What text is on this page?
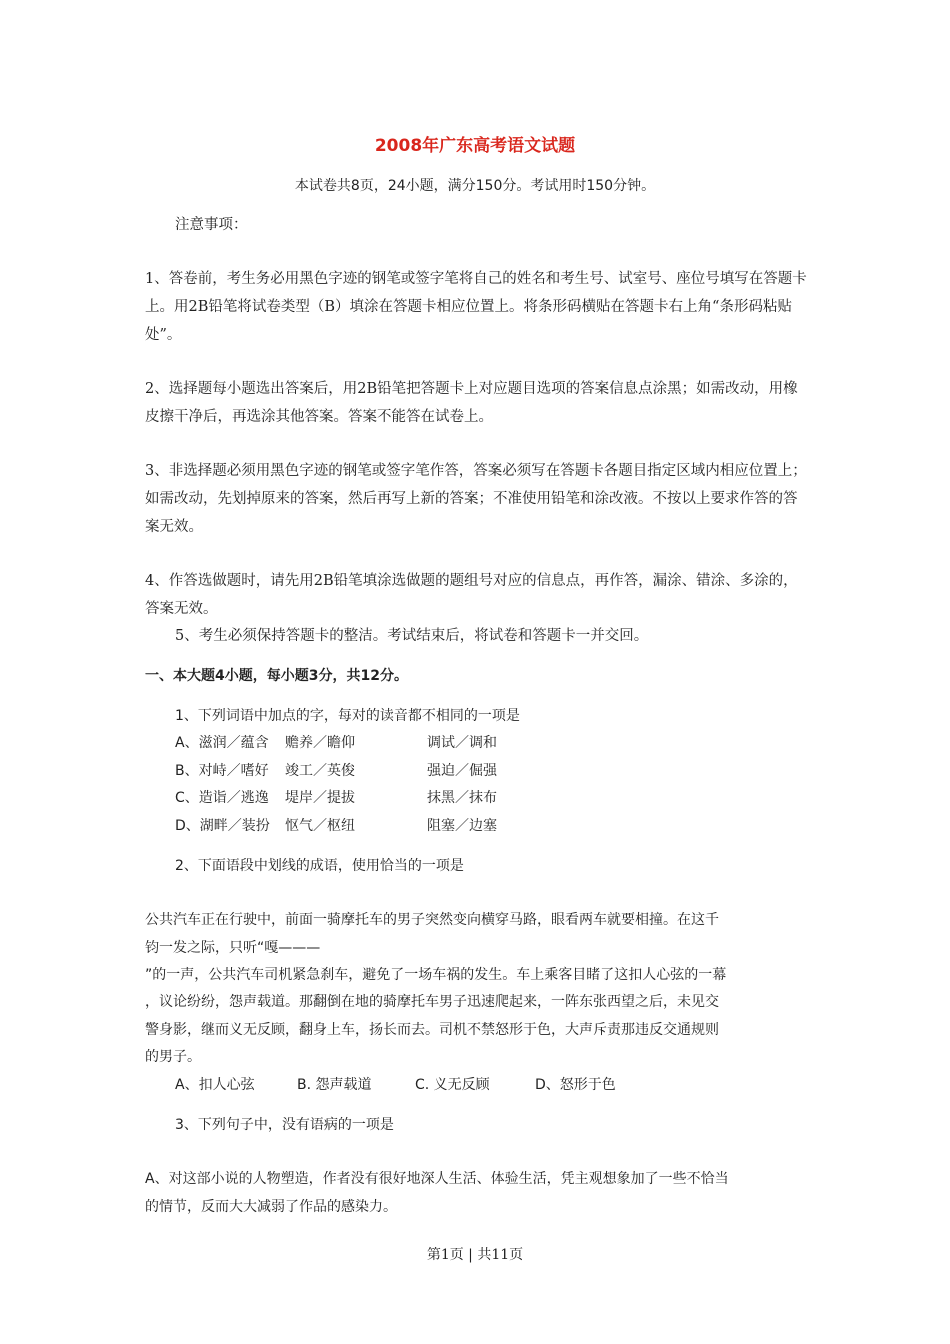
2008年广东高考语文试题
本试卷共8页，24小题，满分150分。考试用时150分钟。
注意事项：
1、答卷前，考生务必用黑色字迹的钢笔或签字笔将自己的姓名和考生号、试室号、座位号填写在答题卡上。用2B铅笔将试卷类型（B）填涂在答题卡相应位置上。将条形码横贴在答题卡右上角“条形码粘贴处”。
2、选择题每小题选出答案后，用2B铅笔把答题卡上对应题目选项的答案信息点涂黑；如需改动，用橡皮擦干净后，再选涂其他答案。答案不能答在试卷上。
3、非选择题必须用黑色字迹的钢笔或签字笔作答，答案必须写在答题卡各题目指定区域内相应位置上；如需改动，先划掉原来的答案，然后再写上新的答案；不准使用铅笔和涂改液。不按以上要求作答的答案无效。
4、作答选做题时，请先用2B铅笔填涂选做题的题组号对应的信息点，再作答，漏涂、错涂、多涂的，答案无效。
5、考生必须保持答题卡的整洁。考试结束后，将试卷和答题卡一并交回。
一、本大题4小题，每小题3分，共12分。
1、下列词语中加点的字，每对的读音都不相同的一项是
A、滋润／蕴含 赡养／瞻仰	调试／调和
B、对峙／嗜好 竣工／英俊	强迫／倔强
C、造诣／逃逸 堤岸／提拔	抹黑／抹布
D、湖畔／装扮 怄气／枢纽	阻塞／边塞
2、下面语段中划线的成语，使用恰当的一项是
公共汽车正在行驶中，前面一骑摩托车的男子突然变向横穿马路，眼看两车就要相撞。在这千
钧一发之际，只听“嘎———
”的一声，公共汽车司机紧急刹车，避免了一场车祸的发生。车上乘客目睹了这扣人心弦的一幕
，议论纷纷，怨声载道。那翻倒在地的骑摩托车男子迅速爬起来，一阵东张西望之后，未见交
警身影，继而义无反顾，翻身上车，扬长而去。司机不禁怒形于色，大声斥责那违反交通规则
的男子。
A、扣人心弦	B. 怨声载道	C. 义无反顾	D、怒形于色
3、下列句子中，没有语病的一项是
A、对这部小说的人物塑造，作者没有很好地深人生活、体验生活，凭主观想象加了一些不恰当
的情节，反而大大减弱了作品的感染力。
第1页 | 共11页
